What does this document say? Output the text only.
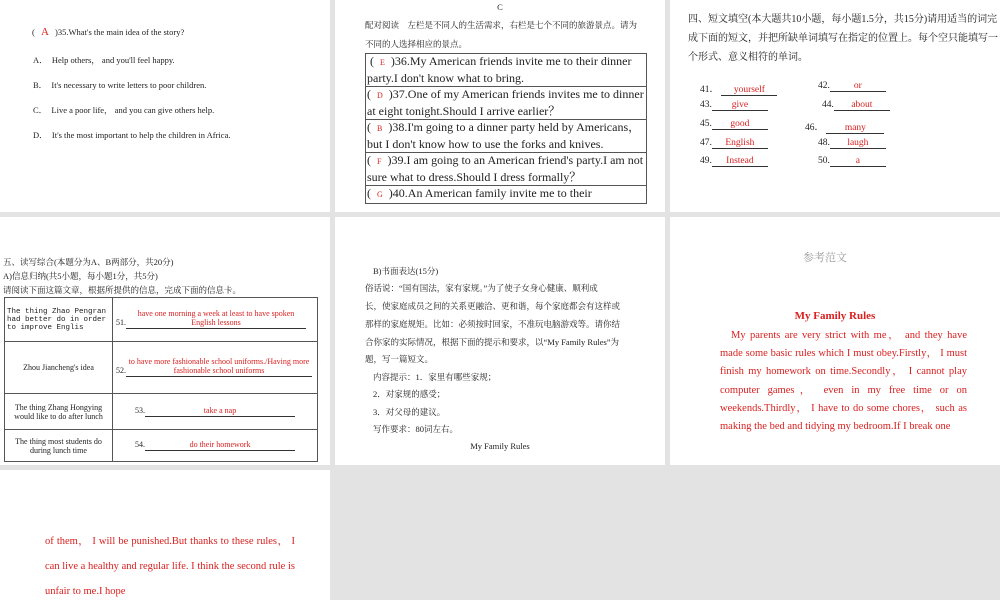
( A )35.What's the main idea of the story?
A． Help others， and you'll feel happy.
B． It's necessary to write letters to poor children.
C． Live a poor life， and you can give others help.
D． It's the most important to help the children in Africa.
C
配对阅读　左栏是不同人的生活需求，右栏是七个不同的旅游景点。请为不同的人选择相应的景点。
(  E )36.My American friends invite me to their dinner party.I don't know what to bring.
(  D )37.One of my American friends invites me to dinner at eight tonight.Should I arrive earlier？
(  B )38.I'm going to a dinner party held by Americans， but I don't know how to use the forks and knives.
(  F )39.I am going to an American friend's party.I am not sure what to dress.Should I dress formally？
(  G )40.An American family invite me to their
四、短文填空(本大题共10小题，每小题1.5分，共15分)请用适当的词完成下面的短文，并把所缺单词填写在指定的位置上。每个空只能填写一个形式、意义相符的单词。
41． yourself	42.	or
43. give	44. about
45. good	46． many
47. English	48. laugh
49. Instead	50.	a
五、读写综合(本题分为A、B两部分，共20分)
A)信息归纳(共5小题，每小题1分，共5分)
请阅读下面这篇文章，根据所提供的信息，完成下面的信息卡。
The thing Zhao Pengran had better do in order to improve Englis	51.have one morning a week at least to have spoken English lessons
Zhou Jiancheng's idea	52.to have more fashionable school uniforms./Having more fashionable school uniforms
The thing Zhang Hongying would like to do after lunch	53. take a nap
The thing most students do during lunch time	54. do their homework
B)书面表达(15分)
俗话说：“国有国法，家有家规。”为了使子女身心健康、顺利成
长，使家庭成员之间的关系更融洽、更和谐，每个家庭都会有这样或
那样的家庭规矩。比如：必须按时回家，不准玩电脑游戏等。请你结
合你家的实际情况，根据下面的提示和要求，以“My Family Rules”为
题，写一篇短文。
内容提示：1．家里有哪些家规；
2．对家规的感受；
3．对父母的建议。
写作要求：80词左右。
My Family Rules
参考范文
My Family Rules
My parents are very strict with me， and they have made some basic rules which I must obey.Firstly， I must finish my homework on time.Secondly， I cannot play computer games， even in my free time or on weekends.Thirdly， I have to do some chores， such as making the bed and tidying my bedroom.If I break one
of them， I will be punished.But thanks to these rules， I can live a healthy and regular life. I think the second rule is unfair to me.I hope
